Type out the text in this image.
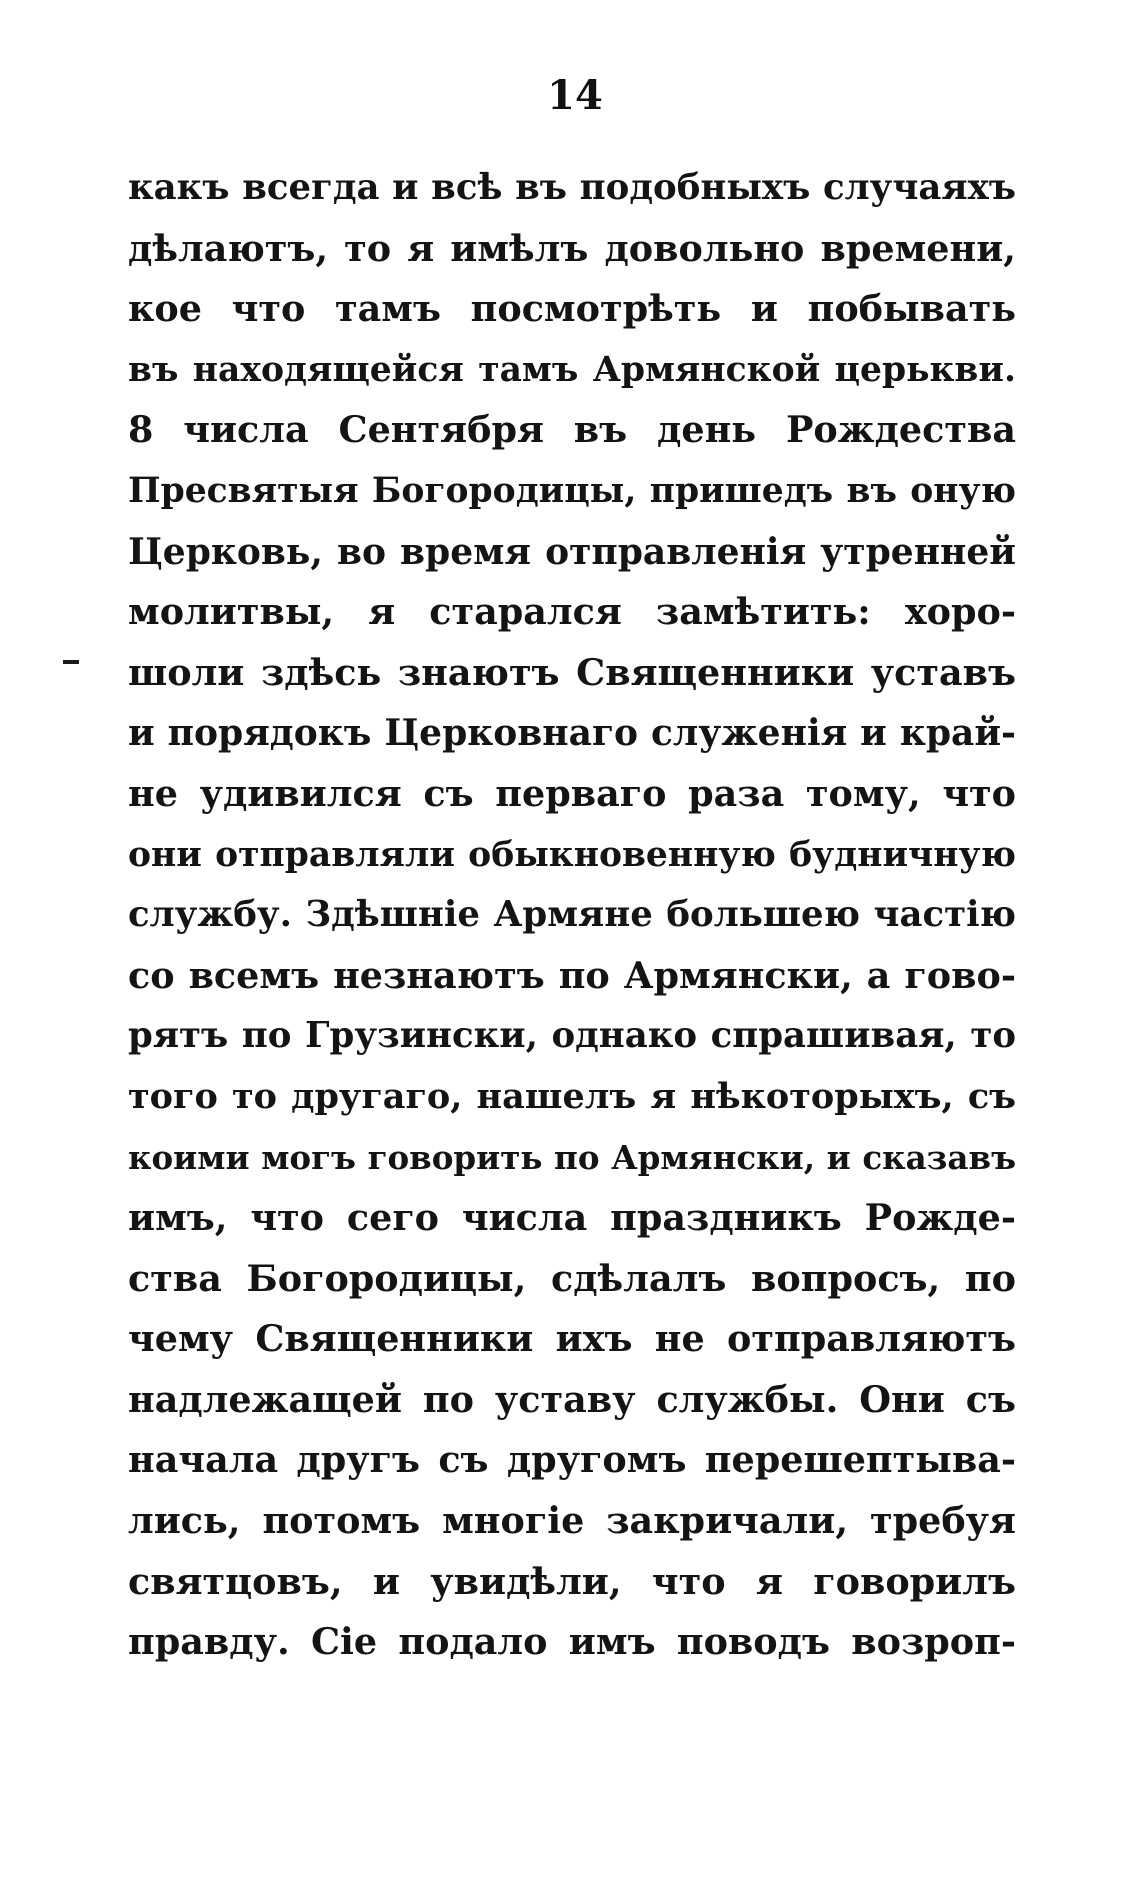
14
какъ всегда и всѣ въ подобныхъ случаяхъ
дѣлаютъ, то я имѣлъ довольно времени,
кое что тамъ посмотрѣть и побывать
въ находящейся тамъ Армянской церькви.
8 числа Сентября въ день Рождества
Пресвятыя Богородицы, пришедъ въ оную
Церковь, во время отправленія утренней
молитвы, я старался замѣтить: хоро-
шоли здѣсь знаютъ Священники уставъ
и порядокъ Церковнаго служенія и край-
не удивился съ перваго раза тому, что
они отправляли обыкновенную будничную
службу. Здѣшніе Армяне большею частію
со всемъ незнаютъ по Армянски, а гово-
рятъ по Грузински, однако спрашивая, то
того то другаго, нашелъ я нѣкоторыхъ, съ
коими могъ говорить по Армянски, и сказавъ
имъ, что сего числа праздникъ Рожде-
ства Богородицы, сдѣлалъ вопросъ, по
чему Священники ихъ не отправляютъ
надлежащей по уставу службы. Они съ
начала другъ съ другомъ перешептыва-
лись, потомъ многіе закричали, требуя
святцовъ, и увидѣли, что я говорилъ
правду. Сіе подало имъ поводъ возроп-
